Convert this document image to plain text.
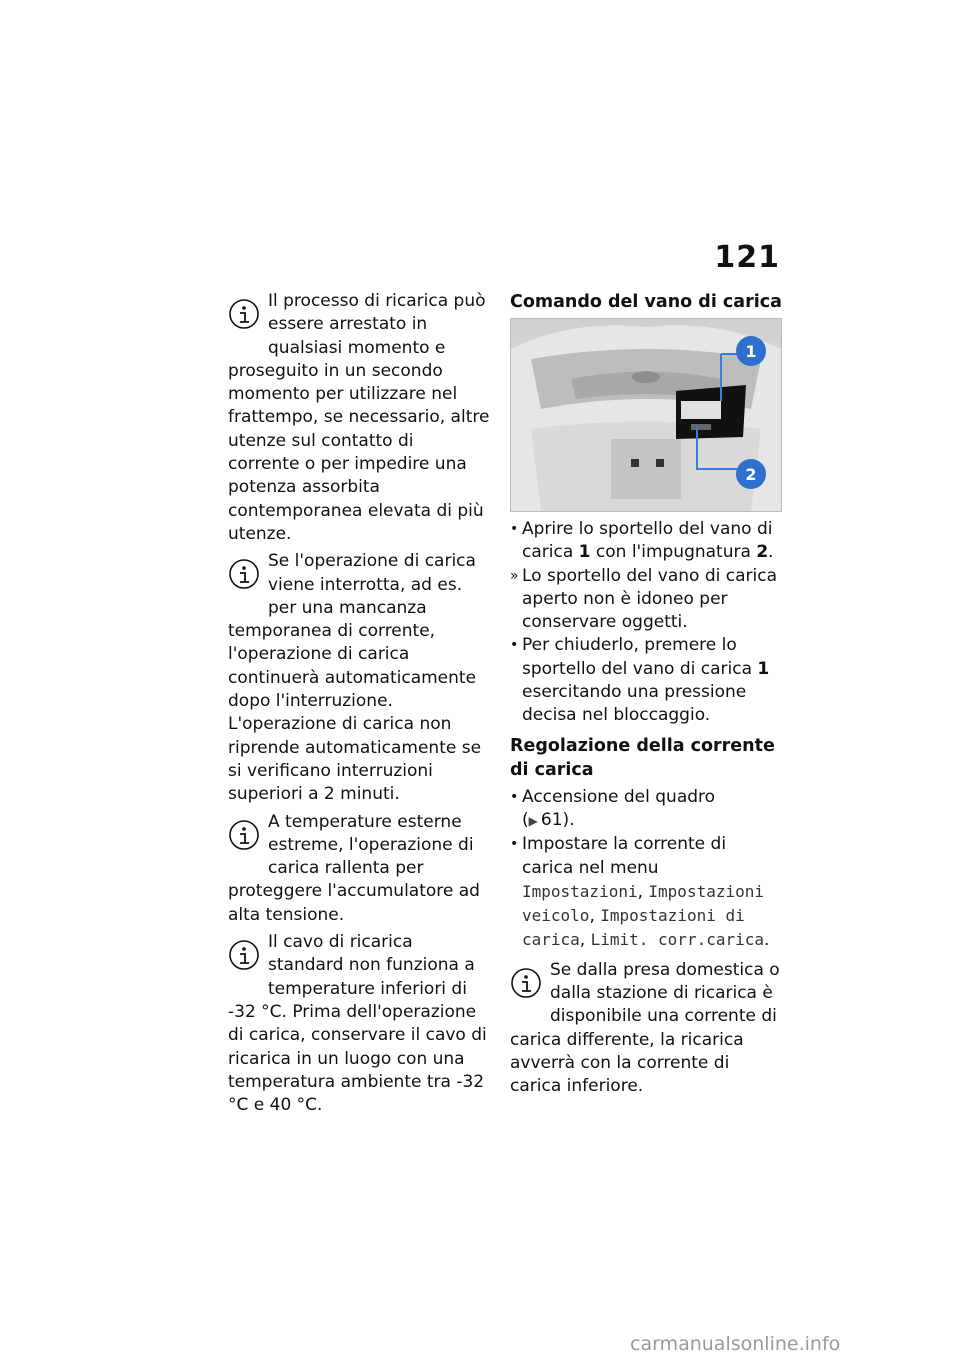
121

Il processo di ricarica può essere arrestato in qualsiasi momento e proseguito in un secondo momento per utilizzare nel frattempo, se necessario, altre utenze sul contatto di corrente o per impedire una potenza assorbita contemporanea elevata di più utenze.

Se l'operazione di carica viene interrotta, ad es. per una mancanza temporanea di corrente, l'operazione di carica continuerà automaticamente dopo l'interruzione. L'operazione di carica non riprende automaticamente se si verificano interruzioni superiori a 2 minuti.

A temperature esterne estreme, l'operazione di carica rallenta per proteggere l'accumulatore ad alta tensione.

Il cavo di ricarica standard non funziona a temperature inferiori di -32 °C. Prima dell'operazione di carica, conservare il cavo di ricarica in un luogo con una temperatura ambiente tra -32 °C e 40 °C.

Comando del vano di carica
1
2
• Aprire lo sportello del vano di carica 1 con l'impugnatura 2.
» Lo sportello del vano di carica aperto non è idoneo per conservare oggetti.
• Per chiuderlo, premere lo sportello del vano di carica 1 esercitando una pressione decisa nel bloccaggio.
Regolazione della corrente di carica
• Accensione del quadro
(▶ 61).
• Impostare la corrente di carica nel menu Impostazioni, Impostazioni veicolo, Impostazioni di carica, Limit. corr.carica.

Se dalla presa domestica o dalla stazione di ricarica è disponibile una corrente di carica differente, la ricarica avverrà con la corrente di carica inferiore.

carmanualsonline.info
